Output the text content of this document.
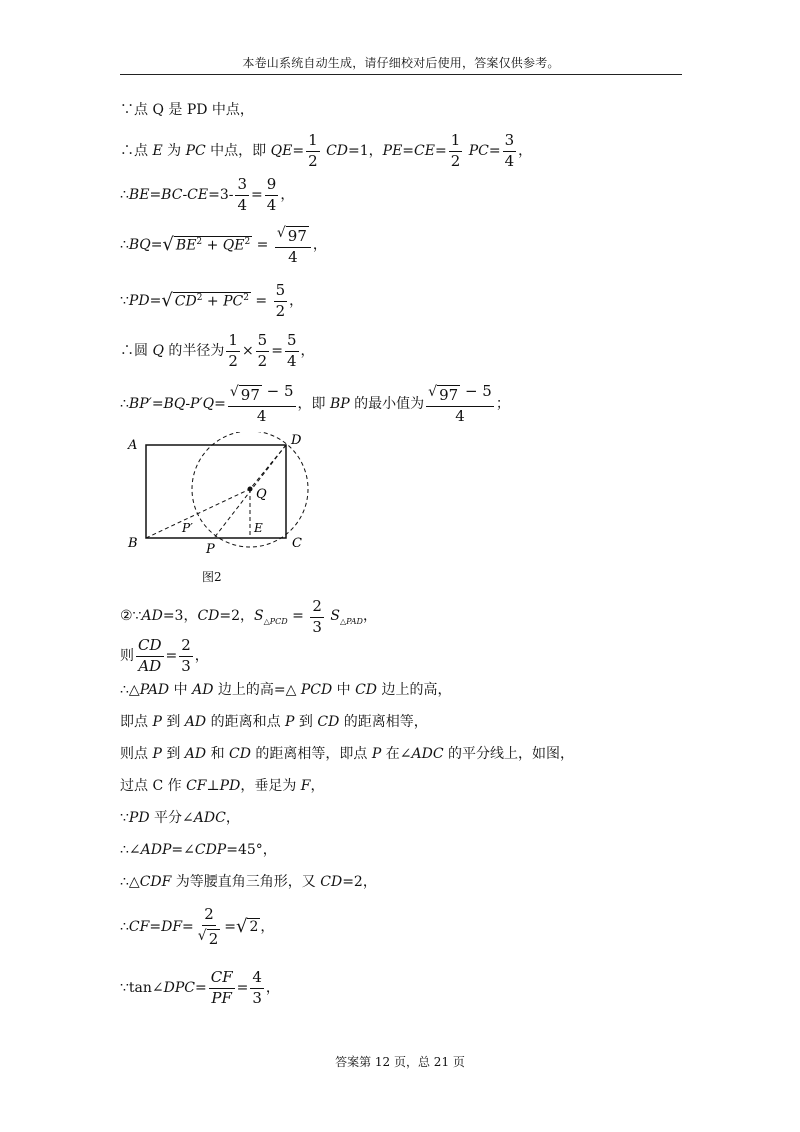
本卷山系统自动生成，请仔细校对后使用，答案仅供参考。
∵点 Q 是 PD 中点，
∴点 E 为 PC 中点，即 $QE= \frac{1}{2} CD=1$，$PE=CE= \frac{1}{2} PC= \frac{3}{4}$ ，
∴BE=BC-CE=3- $\frac{3}{4} = \frac{9}{4}$ ，
∴BQ= √ $BE^2 + QE^2 = \frac{√ 97}{4}$ ，
∵PD= √ $CD^2 + PC^2 = \frac{5}{2}$ ，
∴圆 Q 的半径为 $\frac{1}{2} \times \frac{5}{2} = \frac{5}{4}$ ，
∴BP′=BQ-P′Q= $\frac{√ 97 - 5}{4}$ ，即 BP 的最小值为 $\frac{√ 97 - 5}{4}$ ；
A	D
Q
P′	E
B	P	C
图2
②∵AD=3，CD=2，$S_{\triangle PCD} = \frac{2}{3} S_{\triangle PAD}$，
则 $\frac{CD}{AD} = \frac{2}{3}$ ，
∴△ PAD 中 AD 边上的高=△ PCD 中 CD 边上的高，
即点 P 到 AD 的距离和点 P 到 CD 的距离相等，
则点 P 到 AD 和 CD 的距离相等，即点 P 在∠ ADC 的平分线上，如图，
过点 C 作 CF ⊥ PD ，垂足为 F ，
∵ PD 平分∠ ADC ，
∴∠ ADP =∠ CDP =45°，
∴△ CDF 为等腰直角三角形，又 CD =2，
∴CF=DF= $\frac{2}{√ 2}$ = √ 2 ，
∵tan∠DPC= $\frac{CF}{PF} = \frac{4}{3}$ ，
答案第 12 页，总 21 页
